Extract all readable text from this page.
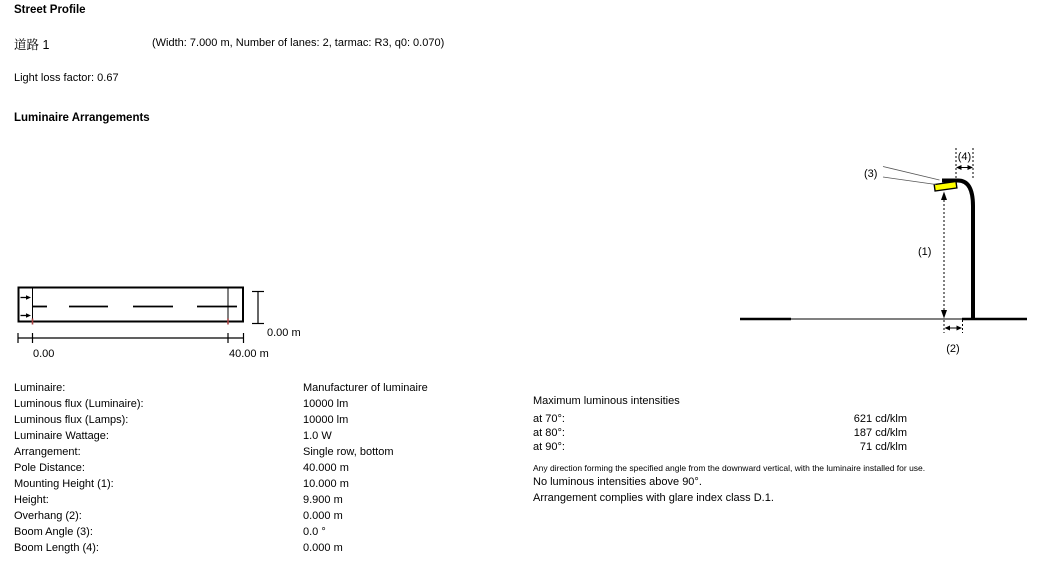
Street Profile
道路 1	(Width: 7.000 m, Number of lanes: 2, tarmac: R3, q0: 0.070)
Light loss factor: 0.67
Luminaire Arrangements
0.00 m
0.00	40.00 m
(3)
(4)
(1)
(2)
Luminaire:	Manufacturer of luminaire
Luminous flux (Luminaire):	10000 lm
Luminous flux (Lamps):	10000 lm
Luminaire Wattage:	1.0 W
Arrangement:	Single row, bottom
Pole Distance:	40.000 m
Mounting Height (1):	10.000 m
Height:	9.900 m
Overhang (2):	0.000 m
Boom Angle (3):	0.0 °
Boom Length (4):	0.000 m
Maximum luminous intensities
at 70°:	621 cd/klm
at 80°:	187 cd/klm
at 90°:	71 cd/klm
Any direction forming the specified angle from the downward vertical, with the luminaire installed for use.
No luminous intensities above 90°.
Arrangement complies with glare index class D.1.
